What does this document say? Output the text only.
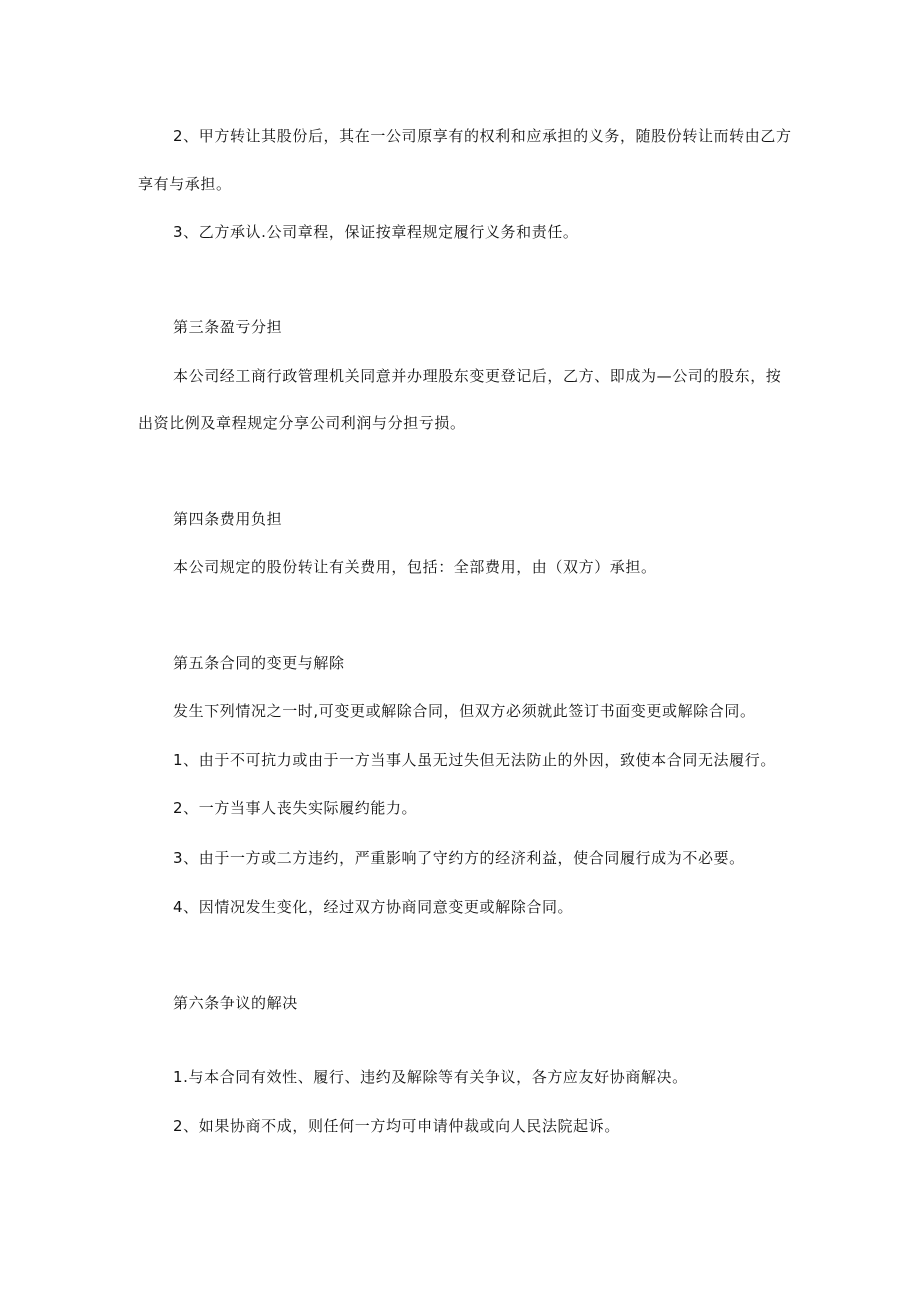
2、甲方转让其股份后，其在一公司原享有的权利和应承担的义务，随股份转让而转由乙方
享有与承担。
3、乙方承认.公司章程，保证按章程规定履行义务和责任。
第三条盈亏分担
本公司经工商行政管理机关同意并办理股东变更登记后，乙方、即成为—公司的股东，按
出资比例及章程规定分享公司利润与分担亏损。
第四条费用负担
本公司规定的股份转让有关费用，包括：全部费用，由（双方）承担。
第五条合同的变更与解除
发生下列情况之一时,可变更或解除合同，但双方必须就此签订书面变更或解除合同。
1、由于不可抗力或由于一方当事人虽无过失但无法防止的外因，致使本合同无法履行。
2、一方当事人丧失实际履约能力。
3、由于一方或二方违约，严重影响了守约方的经济利益，使合同履行成为不必要。
4、因情况发生变化，经过双方协商同意变更或解除合同。
第六条争议的解决
1.与本合同有效性、履行、违约及解除等有关争议，各方应友好协商解决。
2、如果协商不成，则任何一方均可申请仲裁或向人民法院起诉。
